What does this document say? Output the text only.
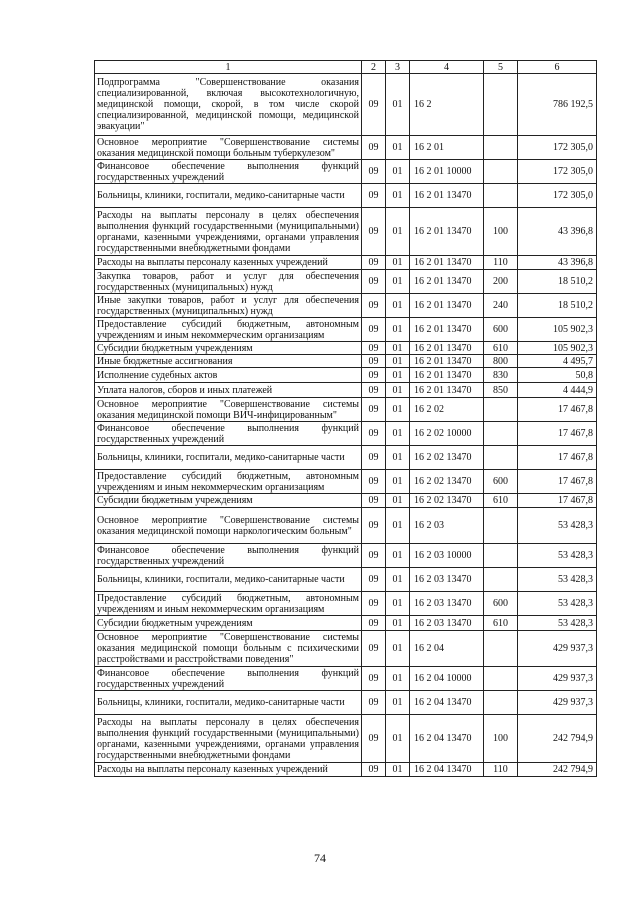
1	2	3	4	5	6
Подпрограмма "Совершенствование оказания специализированной, включая высокотехнологичную, медицинской помощи, скорой, в том числе скорой специализированной, медицинской помощи, медицинской эвакуации"	09	01	16 2		786 192,5
Основное мероприятие "Совершенствование системы оказания медицинской помощи больным туберкулезом"	09	01	16 2 01		172 305,0
Финансовое обеспечение выполнения функций государственных учреждений	09	01	16 2 01 10000		172 305,0
Больницы, клиники, госпитали, медико-санитарные части	09	01	16 2 01 13470		172 305,0
Расходы на выплаты персоналу в целях обеспечения выполнения функций государственными (муниципальными) органами, казенными учреждениями, органами управления государственными внебюджетными фондами	09	01	16 2 01 13470	100	43 396,8
Расходы на выплаты персоналу казенных учреждений	09	01	16 2 01 13470	110	43 396,8
Закупка товаров, работ и услуг для обеспечения государственных (муниципальных) нужд	09	01	16 2 01 13470	200	18 510,2
Иные закупки товаров, работ и услуг для обеспечения государственных (муниципальных) нужд	09	01	16 2 01 13470	240	18 510,2
Предоставление субсидий бюджетным, автономным учреждениям и иным некоммерческим организациям	09	01	16 2 01 13470	600	105 902,3
Субсидии бюджетным учреждениям	09	01	16 2 01 13470	610	105 902,3
Иные бюджетные ассигнования	09	01	16 2 01 13470	800	4 495,7
Исполнение судебных актов	09	01	16 2 01 13470	830	50,8
Уплата налогов, сборов и иных платежей	09	01	16 2 01 13470	850	4 444,9
Основное мероприятие "Совершенствование системы оказания медицинской помощи ВИЧ-инфицированным"	09	01	16 2 02		17 467,8
Финансовое обеспечение выполнения функций государственных учреждений	09	01	16 2 02 10000		17 467,8
Больницы, клиники, госпитали, медико-санитарные части	09	01	16 2 02 13470		17 467,8
Предоставление субсидий бюджетным, автономным учреждениям и иным некоммерческим организациям	09	01	16 2 02 13470	600	17 467,8
Субсидии бюджетным учреждениям	09	01	16 2 02 13470	610	17 467,8
Основное мероприятие "Совершенствование системы оказания медицинской помощи наркологическим больным"	09	01	16 2 03		53 428,3
Финансовое обеспечение выполнения функций государственных учреждений	09	01	16 2 03 10000		53 428,3
Больницы, клиники, госпитали, медико-санитарные части	09	01	16 2 03 13470		53 428,3
Предоставление субсидий бюджетным, автономным учреждениям и иным некоммерческим организациям	09	01	16 2 03 13470	600	53 428,3
Субсидии бюджетным учреждениям	09	01	16 2 03 13470	610	53 428,3
Основное мероприятие "Совершенствование системы оказания медицинской помощи больным с психическими расстройствами и расстройствами поведения"	09	01	16 2 04		429 937,3
Финансовое обеспечение выполнения функций государственных учреждений	09	01	16 2 04 10000		429 937,3
Больницы, клиники, госпитали, медико-санитарные части	09	01	16 2 04 13470		429 937,3
Расходы на выплаты персоналу в целях обеспечения выполнения функций государственными (муниципальными) органами, казенными учреждениями, органами управления государственными внебюджетными фондами	09	01	16 2 04 13470	100	242 794,9
Расходы на выплаты персоналу казенных учреждений	09	01	16 2 04 13470	110	242 794,9
74
